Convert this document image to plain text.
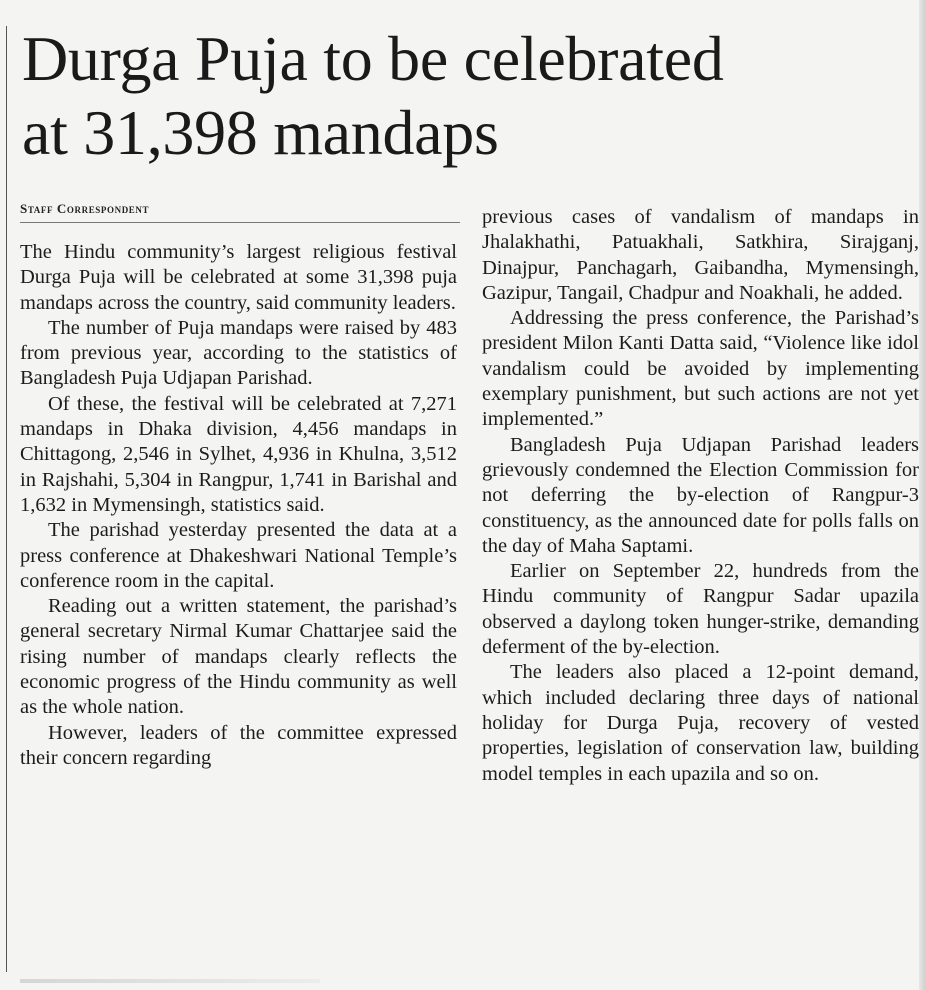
Durga Puja to be celebrated
at 31,398 mandaps
Staff Correspondent

The Hindu community’s largest religious festival Durga Puja will be celebrated at some 31,398 puja mandaps across the country, said community leaders.

The number of Puja mandaps were raised by 483 from previous year, according to the statistics of Bangladesh Puja Udjapan Parishad.

Of these, the festival will be celebrated at 7,271 mandaps in Dhaka division, 4,456 mandaps in Chittagong, 2,546 in Sylhet, 4,936 in Khulna, 3,512 in Rajshahi, 5,304 in Rangpur, 1,741 in Barishal and 1,632 in Mymensingh, statistics said.

The parishad yesterday presented the data at a press conference at Dhakeshwari National Temple’s conference room in the capital.

Reading out a written statement, the parishad’s general secretary Nirmal Kumar Chattarjee said the rising number of mandaps clearly reflects the economic progress of the Hindu community as well as the whole nation.

However, leaders of the committee expressed their concern regarding

previous cases of vandalism of mandaps in Jhalakhathi, Patuakhali, Satkhira, Sirajganj, Dinajpur, Panchagarh, Gaibandha, Mymensingh, Gazipur, Tangail, Chadpur and Noakhali, he added.

Addressing the press conference, the Parishad’s president Milon Kanti Datta said, “Violence like idol vandalism could be avoided by implementing exemplary punishment, but such actions are not yet implemented.”

Bangladesh Puja Udjapan Parishad leaders grievously condemned the Election Commission for not deferring the by-election of Rangpur-3 constituency, as the announced date for polls falls on the day of Maha Saptami.

Earlier on September 22, hundreds from the Hindu community of Rangpur Sadar upazila observed a daylong token hunger-strike, demanding deferment of the by-election.

The leaders also placed a 12-point demand, which included declaring three days of national holiday for Durga Puja, recovery of vested properties, legislation of conservation law, building model temples in each upazila and so on.
